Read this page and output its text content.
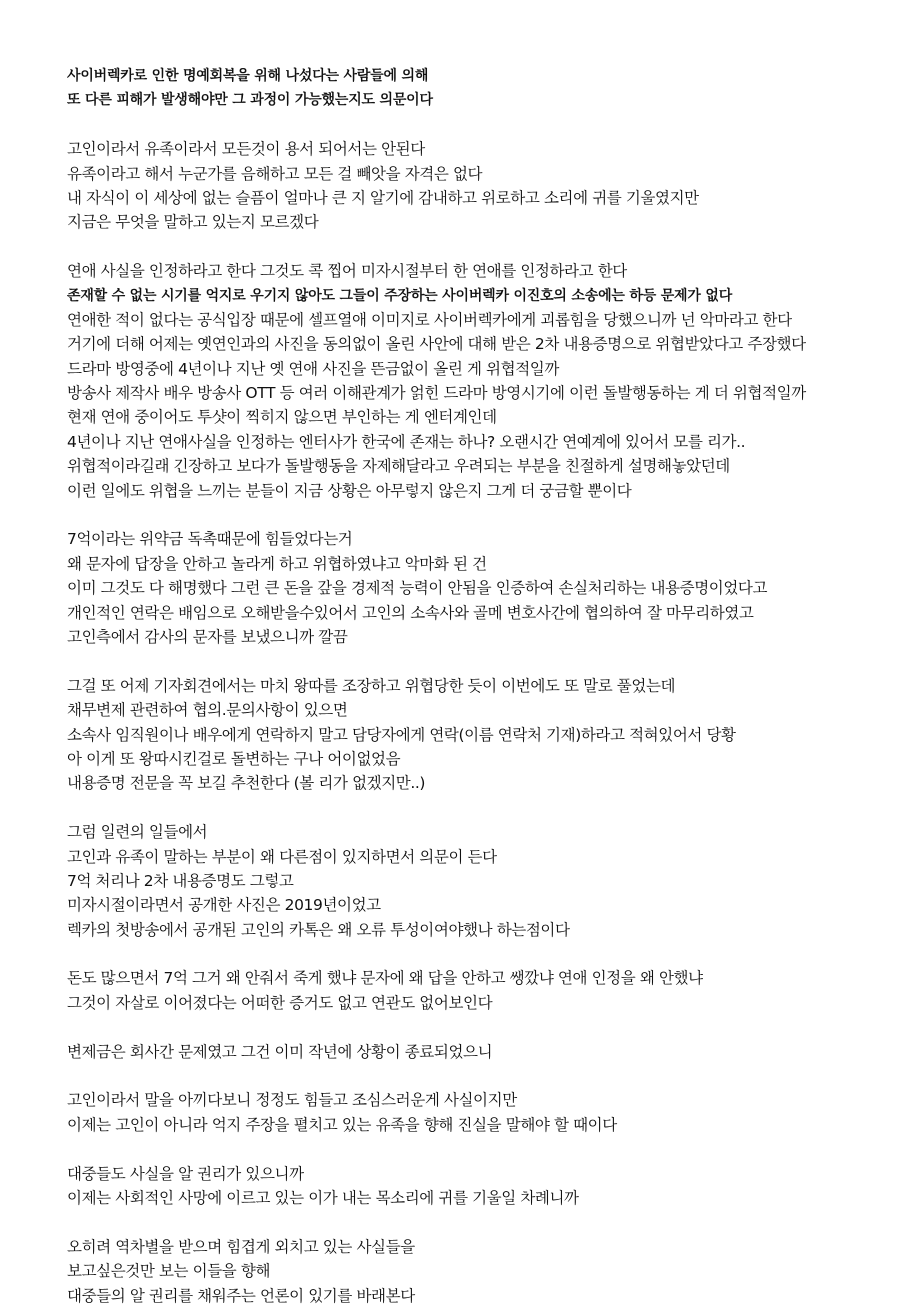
사이버렉카로 인한 명예회복을 위해 나섰다는 사람들에 의해
또 다른 피해가 발생해야만 그 과정이 가능했는지도 의문이다
고인이라서 유족이라서 모든것이 용서 되어서는 안된다
유족이라고 해서 누군가를 음해하고 모든 걸 빼앗을 자격은 없다
내 자식이 이 세상에 없는 슬픔이 얼마나 큰 지 알기에 감내하고 위로하고 소리에 귀를 기울였지만
지금은 무엇을 말하고 있는지 모르겠다
연애 사실을 인정하라고 한다 그것도 콕 찝어 미자시절부터 한 연애를 인정하라고 한다
존재할 수 없는 시기를 억지로 우기지 않아도 그들이 주장하는 사이버렉카 이진호의 소송에는 하등 문제가 없다
연애한 적이 없다는 공식입장 때문에 셀프열애 이미지로 사이버렉카에게 괴롭힘을 당했으니까 넌 악마라고 한다
거기에 더해 어제는 옛연인과의 사진을 동의없이 올린 사안에 대해 받은 2차 내용증명으로 위협받았다고 주장했다
드라마 방영중에 4년이나 지난 옛 연애 사진을 뜬금없이 올린 게 위협적일까
방송사 제작사 배우 방송사 OTT 등 여러 이해관계가 얽힌 드라마 방영시기에 이런 돌발행동하는 게 더 위협적일까
현재 연애 중이어도 투샷이 찍히지 않으면 부인하는 게 엔터계인데
4년이나 지난 연애사실을 인정하는 엔터사가 한국에 존재는 하나? 오랜시간 연예계에 있어서 모를 리가..
위협적이라길래 긴장하고 보다가 돌발행동을 자제해달라고 우려되는 부분을 친절하게 설명해놓았던데
이런 일에도 위협을 느끼는 분들이 지금 상황은 아무렇지 않은지 그게 더 궁금할 뿐이다
7억이라는 위약금 독촉때문에 힘들었다는거
왜 문자에 답장을 안하고 놀라게 하고 위협하였냐고 악마화 된 건
이미 그것도 다 해명했다 그런 큰 돈을 갚을 경제적 능력이 안됨을 인증하여 손실처리하는 내용증명이었다고
개인적인 연락은 배임으로 오해받을수있어서 고인의 소속사와 골메 변호사간에 협의하여 잘 마무리하였고
고인측에서 감사의 문자를 보냈으니까 깔끔
그걸 또 어제 기자회견에서는 마치 왕따를 조장하고 위협당한 듯이 이번에도 또 말로 풀었는데
채무변제 관련하여 협의.문의사항이 있으면
소속사 임직원이나 배우에게 연락하지 말고 담당자에게 연락(이름 연락처 기재)하라고 적혀있어서 당황
아 이게 또 왕따시킨걸로 돌변하는 구나 어이없었음
내용증명 전문을 꼭 보길 추천한다 (볼 리가 없겠지만..)
그럼 일련의 일들에서
고인과 유족이 말하는 부분이 왜 다른점이 있지하면서 의문이 든다
7억 처리나 2차 내용증명도 그렇고
미자시절이라면서 공개한 사진은 2019년이었고
렉카의 첫방송에서 공개된 고인의 카톡은 왜 오류 투성이여야했나 하는점이다
돈도 많으면서 7억 그거 왜 안줘서 죽게 했냐 문자에 왜 답을 안하고 쌩깠냐 연애 인정을 왜 안했냐
그것이 자살로 이어졌다는 어떠한 증거도 없고 연관도 없어보인다
변제금은 회사간 문제였고 그건 이미 작년에 상황이 종료되었으니
고인이라서 말을 아끼다보니 정정도 힘들고 조심스러운게 사실이지만
이제는 고인이 아니라 억지 주장을 펼치고 있는 유족을 향해 진실을 말해야 할 때이다
대중들도 사실을 알 권리가 있으니까
이제는 사회적인 사망에 이르고 있는 이가 내는 목소리에 귀를 기울일 차례니까
오히려 역차별을 받으며 힘겹게 외치고 있는 사실들을
보고싶은것만 보는 이들을 향해
대중들의 알 권리를 채워주는 언론이 있기를 바래본다
